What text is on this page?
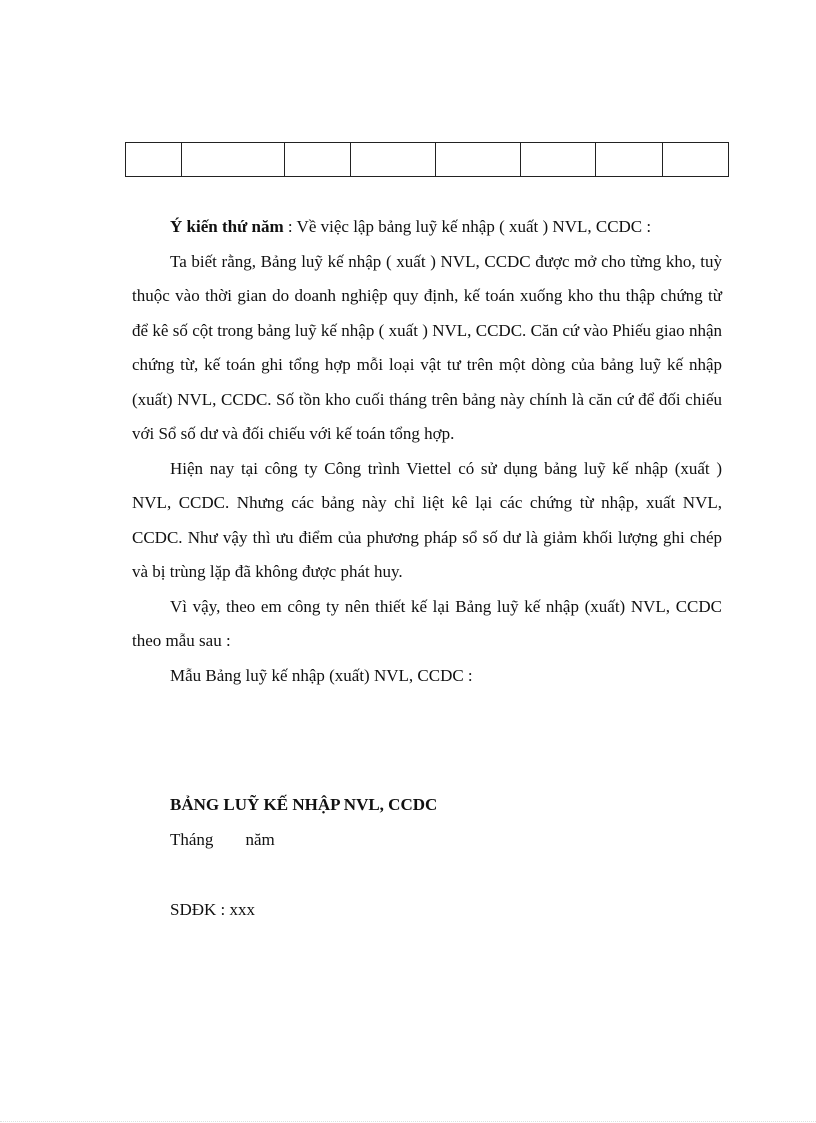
Ý kiến thứ năm : Về việc lập bảng luỹ kế nhập ( xuất ) NVL, CCDC :

Ta biết rằng, Bảng luỹ kế nhập ( xuất ) NVL, CCDC được mở cho từng kho, tuỳ thuộc vào thời gian do doanh nghiệp quy định, kế toán xuống kho thu thập chứng từ để kê số cột trong bảng luỹ kế nhập ( xuất ) NVL, CCDC. Căn cứ vào Phiếu giao nhận chứng từ, kế toán ghi tổng hợp mỗi loại vật tư trên một dòng của bảng luỹ kế nhập (xuất) NVL, CCDC. Số tồn kho cuối tháng trên bảng này chính là căn cứ để đối chiếu với Sổ số dư và đối chiếu với kế toán tổng hợp.

Hiện nay tại công ty Công trình Viettel có sử dụng bảng luỹ kế nhập (xuất ) NVL, CCDC. Nhưng các bảng này chỉ liệt kê lại các chứng từ nhập, xuất NVL, CCDC. Như vậy thì ưu điểm của phương pháp sổ số dư là giảm khối lượng ghi chép và bị trùng lặp đã không được phát huy.

Vì vậy, theo em công ty nên thiết kế lại Bảng luỹ kế nhập (xuất) NVL, CCDC theo mẫu sau :

Mẫu Bảng luỹ kế nhập (xuất) NVL, CCDC :

BẢNG LUỸ KẾ NHẬP NVL, CCDC
Tháng năm
SDĐK : xxx
